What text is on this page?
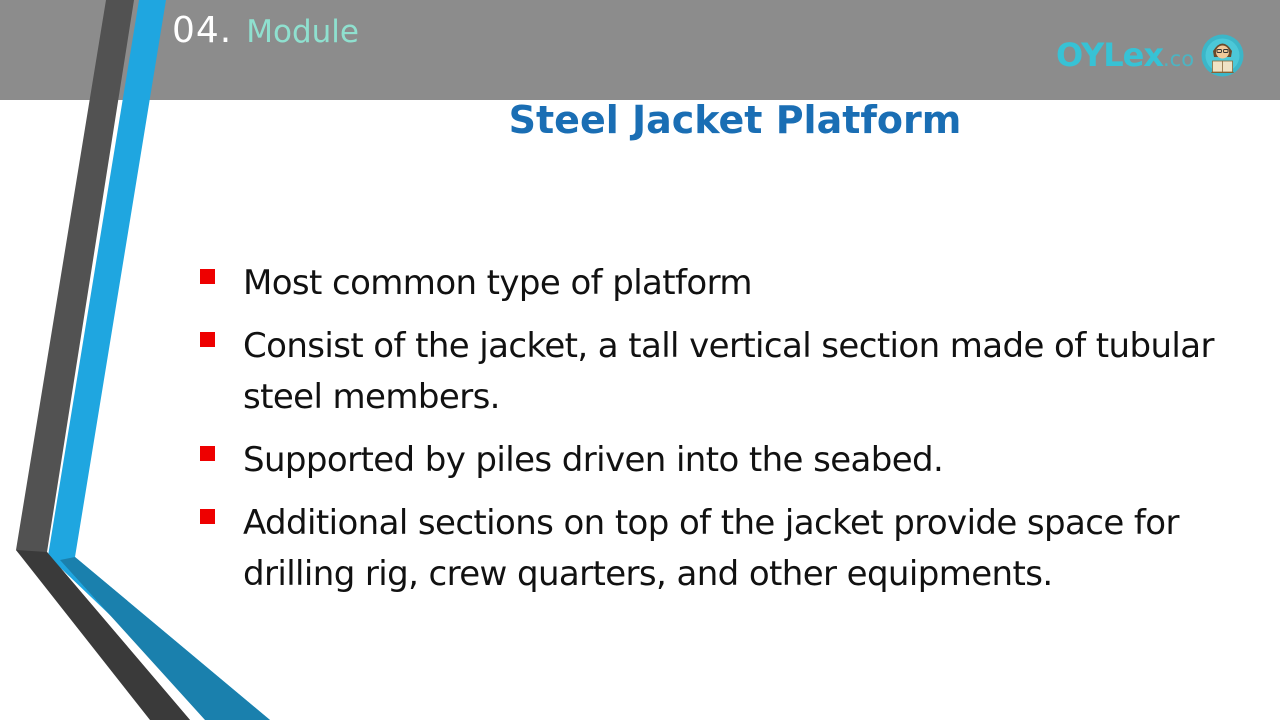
04. Module
OYLex.co
Steel Jacket Platform
Most common type of platform
Consist of the jacket, a tall vertical section made of tubular steel members.
Supported by piles driven into the seabed.
Additional sections on top of the jacket provide space for drilling rig, crew quarters, and other equipments.
